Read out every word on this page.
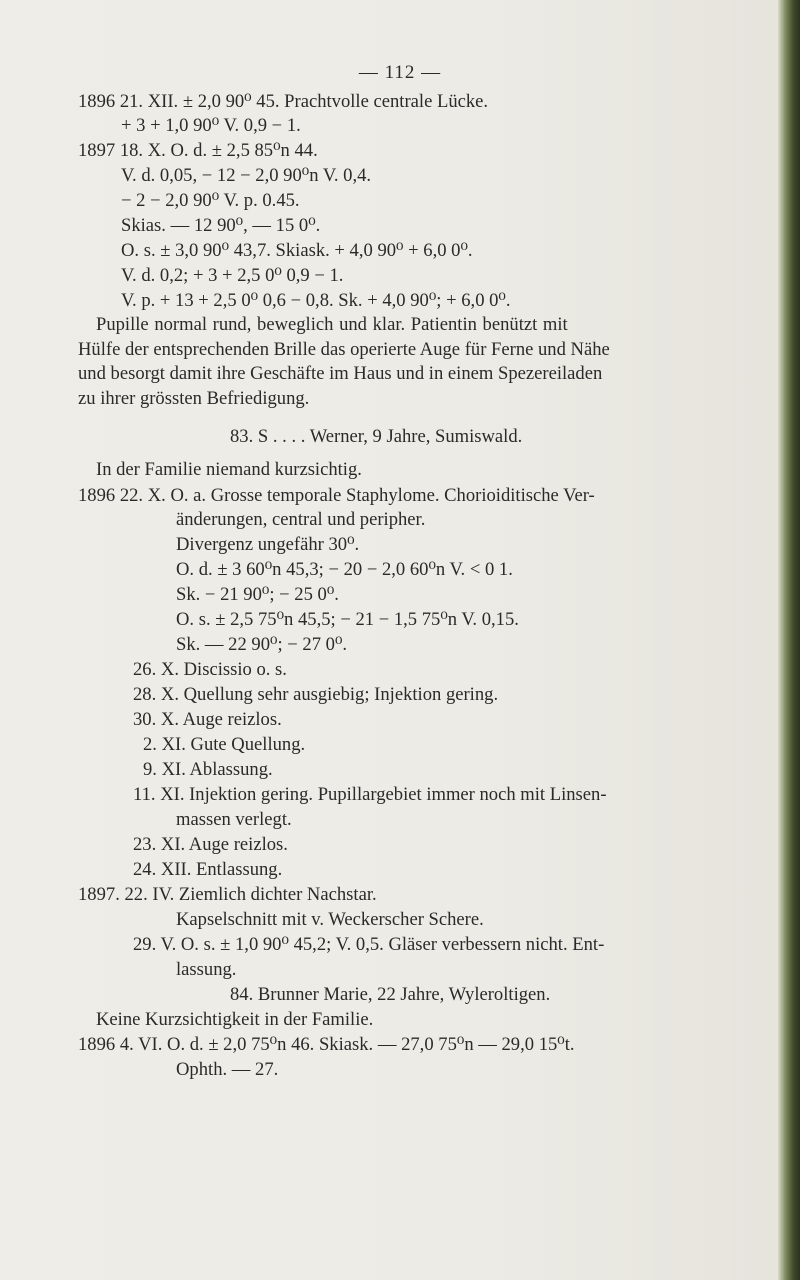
— 112 —
1896 21. XII. ± 2,0 90⁰ 45. Prachtvolle centrale Lücke.
+ 3 + 1,0 90⁰ V. 0,9 − 1.
1897 18. X. O. d. ± 2,5 85⁰n 44.
V. d. 0,05, − 12 − 2,0 90⁰n V. 0,4.
− 2 − 2,0 90⁰ V. p. 0.45.
Skias. — 12 90⁰, — 15 0⁰.
O. s. ± 3,0 90⁰ 43,7. Skiask. + 4,0 90⁰ + 6,0 0⁰.
V. d. 0,2; + 3 + 2,5 0⁰ 0,9 − 1.
V. p. + 13 + 2,5 0⁰ 0,6 − 0,8. Sk. + 4,0 90⁰; + 6,0 0⁰.
Pupille normal rund, beweglich und klar. Patientin benützt mit
Hülfe der entsprechenden Brille das operierte Auge für Ferne und Nähe
und besorgt damit ihre Geschäfte im Haus und in einem Spezereiladen
zu ihrer grössten Befriedigung.
83. S . . . . Werner, 9 Jahre, Sumiswald.
In der Familie niemand kurzsichtig.
1896 22. X. O. a. Grosse temporale Staphylome. Chorioiditische Ver-
änderungen, central und peripher.
Divergenz ungefähr 30⁰.
O. d. ± 3 60⁰n 45,3; − 20 − 2,0 60⁰n V. < 0 1.
Sk. − 21 90⁰; − 25 0⁰.
O. s. ± 2,5 75⁰n 45,5; − 21 − 1,5 75⁰n V. 0,15.
Sk. — 22 90⁰; − 27 0⁰.
26. X. Discissio o. s.
28. X. Quellung sehr ausgiebig; Injektion gering.
30. X. Auge reizlos.
2. XI. Gute Quellung.
9. XI. Ablassung.
11. XI. Injektion gering. Pupillargebiet immer noch mit Linsen-
massen verlegt.
23. XI. Auge reizlos.
24. XII. Entlassung.
1897. 22. IV. Ziemlich dichter Nachstar.
Kapselschnitt mit v. Weckerscher Schere.
29. V. O. s. ± 1,0 90⁰ 45,2; V. 0,5. Gläser verbessern nicht. Ent-
lassung.
84. Brunner Marie, 22 Jahre, Wyleroltigen.
Keine Kurzsichtigkeit in der Familie.
1896 4. VI. O. d. ± 2,0 75⁰n 46. Skiask. — 27,0 75⁰n — 29,0 15⁰t.
Ophth. — 27.
